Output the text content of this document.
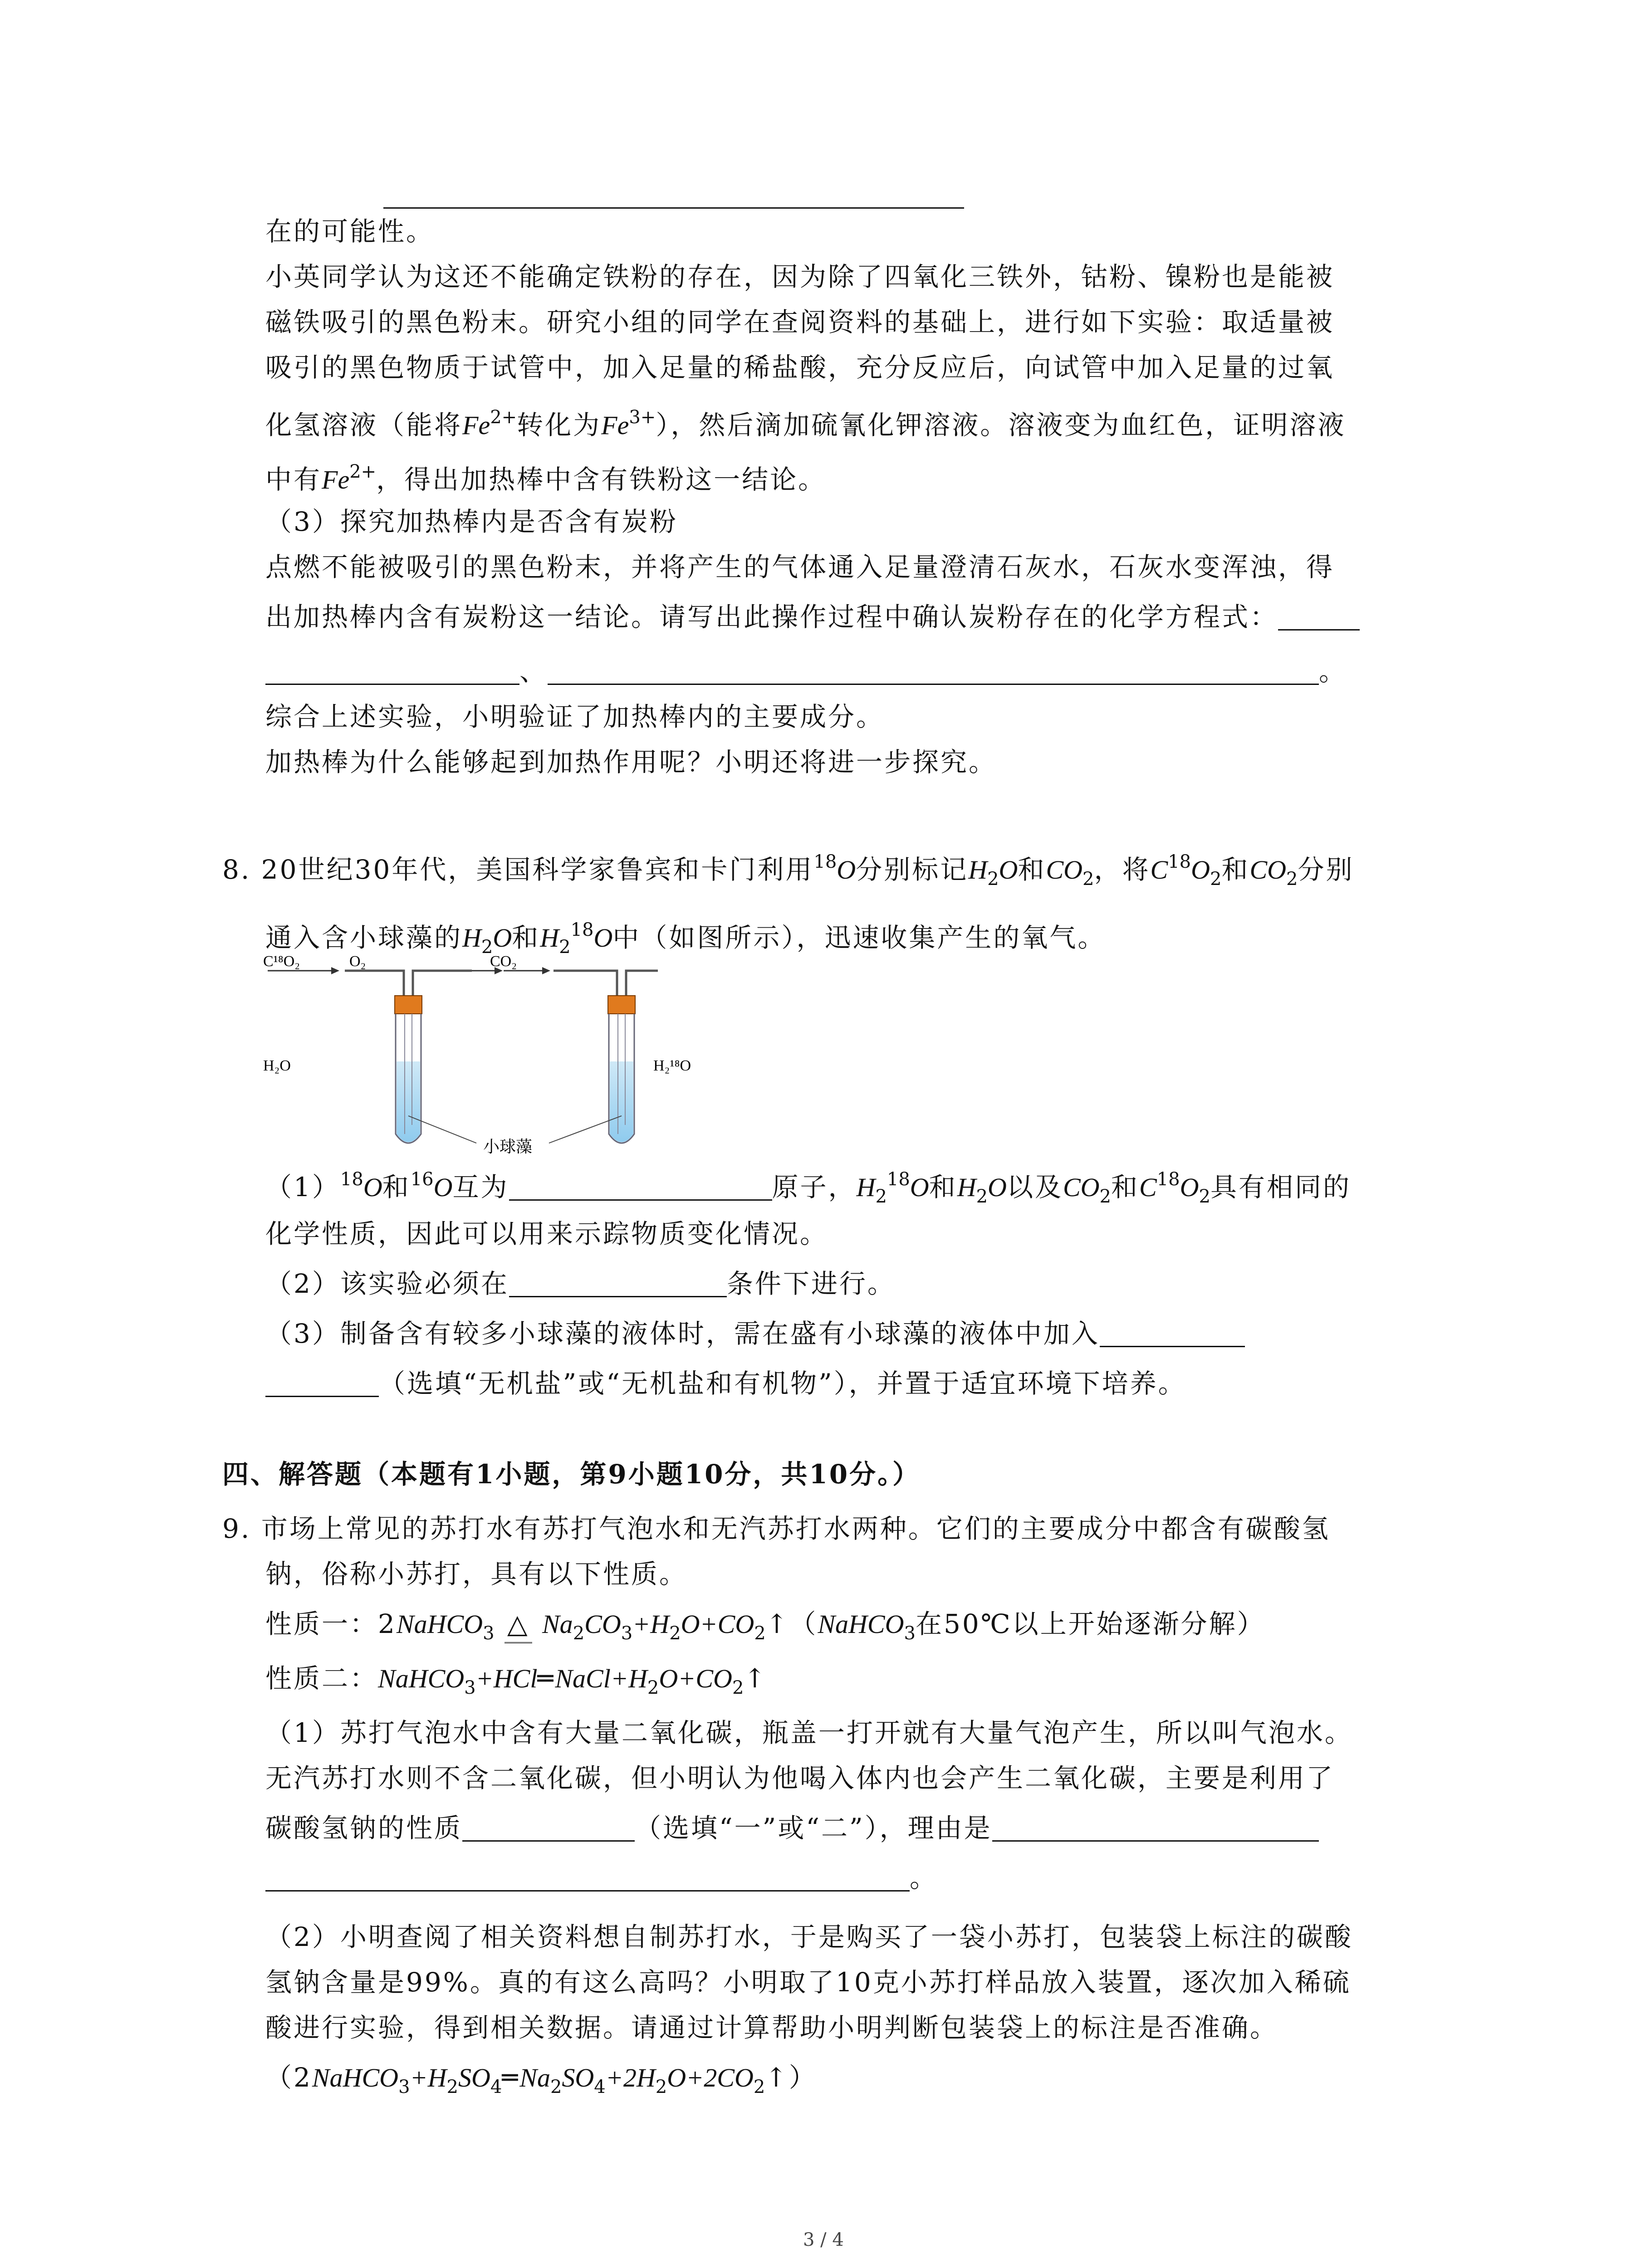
在的可能性。
小英同学认为这还不能确定铁粉的存在，因为除了四氧化三铁外，钴粉、镍粉也是能被
磁铁吸引的黑色粉末。研究小组的同学在查阅资料的基础上，进行如下实验：取适量被
吸引的黑色物质于试管中，加入足量的稀盐酸，充分反应后，向试管中加入足量的过氧
化氢溶液（能将$Fe^{2+}$转化为$Fe^{3+}$），然后滴加硫氰化钾溶液。溶液变为血红色，证明溶液
中有$Fe^{2+}$，得出加热棒中含有铁粉这一结论。
（3）探究加热棒内是否含有炭粉
点燃不能被吸引的黑色粉末，并将产生的气体通入足量澄清石灰水，石灰水变浑浊，得
出加热棒内含有炭粉这一结论。请写出此操作过程中确认炭粉存在的化学方程式：
、	。
综合上述实验，小明验证了加热棒内的主要成分。
加热棒为什么能够起到加热作用呢？小明还将进一步探究。
8. 20世纪30年代，美国科学家鲁宾和卡门利用$^{18}$O分别标记$H_2O$和$CO_2$，将$C^{18}O_2$和$CO_2$分别
通入含小球藻的$H_2O$和$H_2^{18}O$中（如图所示），迅速收集产生的氧气。
C¹⁸O₂	O₂	CO₂
H₂O	H₂¹⁸O
小球藻
$(1)^{18}O$和$^{16}$O互为	原子，$H_2^{18}O$和$H_2O$以及$CO_2$和$C^{18}O_2$具有相同的
化学性质，因此可以用来示踪物质变化情况。
（2）该实验必须在	条件下进行。
（3）制备含有较多小球藻的液体时，需在盛有小球藻的液体中加入
（选填“无机盐”或“无机盐和有机物”），并置于适宜环境下培养。
四、解答题（本题有1小题，第9小题10分，共10分。）
9. 市场上常见的苏打水有苏打气泡水和无汽苏打水两种。它们的主要成分中都含有碳酸氢
钠，俗称小苏打，具有以下性质。
性质一：2NaHCO$_3$ △ $Na_2CO_3+H_2O+CO_2↑(NaHCO_3$在50℃以上开始逐渐分解）
性质二：$NaHCO_3+HCl═NaCl+H_2O+CO_2↑$
（1）苏打气泡水中含有大量二氧化碳，瓶盖一打开就有大量气泡产生，所以叫气泡水。
无汽苏打水则不含二氧化碳，但小明认为他喝入体内也会产生二氧化碳，主要是利用了
碳酸氢钠的性质	（选填“一”或“二”），理由是
。
（2）小明查阅了相关资料想自制苏打水，于是购买了一袋小苏打，包装袋上标注的碳酸
氢钠含量是99%。真的有这么高吗？小明取了10克小苏打样品放入装置，逐次加入稀硫
酸进行实验，得到相关数据。请通过计算帮助小明判断包装袋上的标注是否准确。
$(2NaHCO_3+H_2SO_4═Na_2SO_4+2H_2O+2CO_2↑)$
3 / 4
